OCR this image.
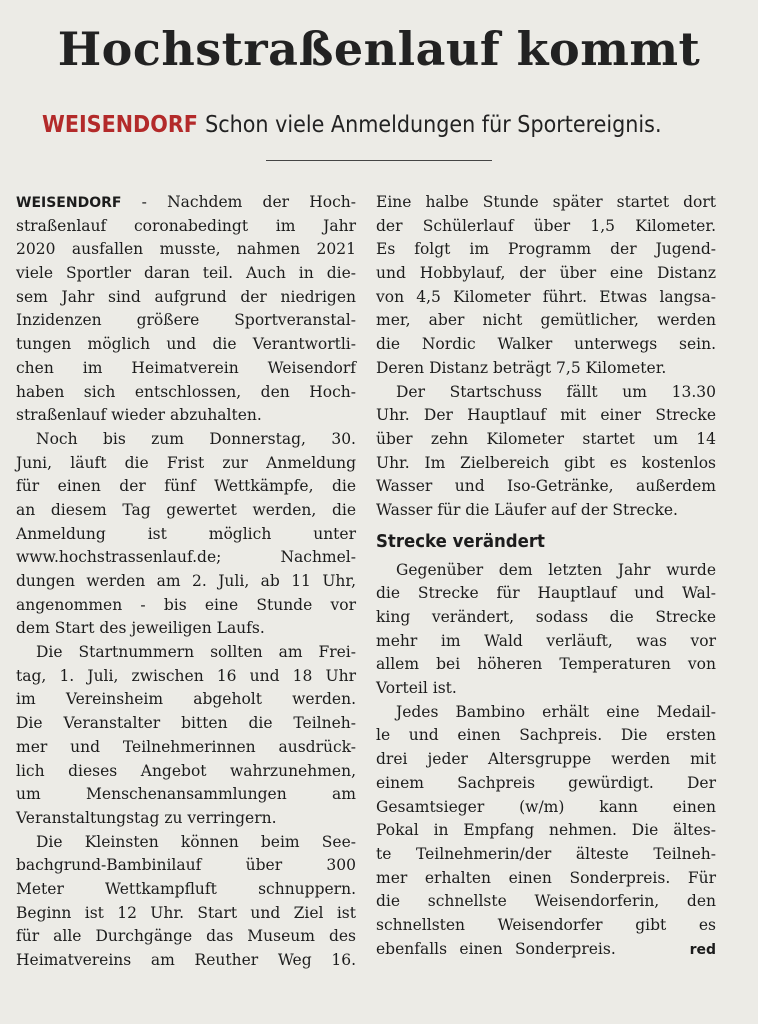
Hochstraßenlauf kommt
WEISENDORF Schon viele Anmeldungen für Sportereignis.
WEISENDORF - Nachdem der Hoch-
straßenlauf coronabedingt im Jahr
2020 ausfallen musste, nahmen 2021
viele Sportler daran teil. Auch in die-
sem Jahr sind aufgrund der niedrigen
Inzidenzen größere Sportveranstal-
tungen möglich und die Verantwortli-
chen im Heimatverein Weisendorf
haben sich entschlossen, den Hoch-
straßenlauf wieder abzuhalten.
Noch bis zum Donnerstag, 30.
Juni, läuft die Frist zur Anmeldung
für einen der fünf Wettkämpfe, die
an diesem Tag gewertet werden, die
Anmeldung ist möglich unter
www.hochstrassenlauf.de; Nachmel-
dungen werden am 2. Juli, ab 11 Uhr,
angenommen - bis eine Stunde vor
dem Start des jeweiligen Laufs.
Die Startnummern sollten am Frei-
tag, 1. Juli, zwischen 16 und 18 Uhr
im Vereinsheim abgeholt werden.
Die Veranstalter bitten die Teilneh-
mer und Teilnehmerinnen ausdrück-
lich dieses Angebot wahrzunehmen,
um Menschenansammlungen am
Veranstaltungstag zu verringern.
Die Kleinsten können beim See-
bachgrund-Bambinilauf über 300
Meter Wettkampfluft schnuppern.
Beginn ist 12 Uhr. Start und Ziel ist
für alle Durchgänge das Museum des
Heimatvereins am Reuther Weg 16.
Eine halbe Stunde später startet dort
der Schülerlauf über 1,5 Kilometer.
Es folgt im Programm der Jugend-
und Hobbylauf, der über eine Distanz
von 4,5 Kilometer führt. Etwas langsa-
mer, aber nicht gemütlicher, werden
die Nordic Walker unterwegs sein.
Deren Distanz beträgt 7,5 Kilometer.
Der Startschuss fällt um 13.30
Uhr. Der Hauptlauf mit einer Strecke
über zehn Kilometer startet um 14
Uhr. Im Zielbereich gibt es kostenlos
Wasser und Iso-Getränke, außerdem
Wasser für die Läufer auf der Strecke.
Strecke verändert
Gegenüber dem letzten Jahr wurde
die Strecke für Hauptlauf und Wal-
king verändert, sodass die Strecke
mehr im Wald verläuft, was vor
allem bei höheren Temperaturen von
Vorteil ist.
Jedes Bambino erhält eine Medail-
le und einen Sachpreis. Die ersten
drei jeder Altersgruppe werden mit
einem Sachpreis gewürdigt. Der
Gesamtsieger (w/m) kann einen
Pokal in Empfang nehmen. Die ältes-
te Teilnehmerin/der älteste Teilneh-
mer erhalten einen Sonderpreis. Für
die schnellste Weisendorferin, den
schnellsten Weisendorfer gibt es
ebenfalls einen Sonderpreis.	red
